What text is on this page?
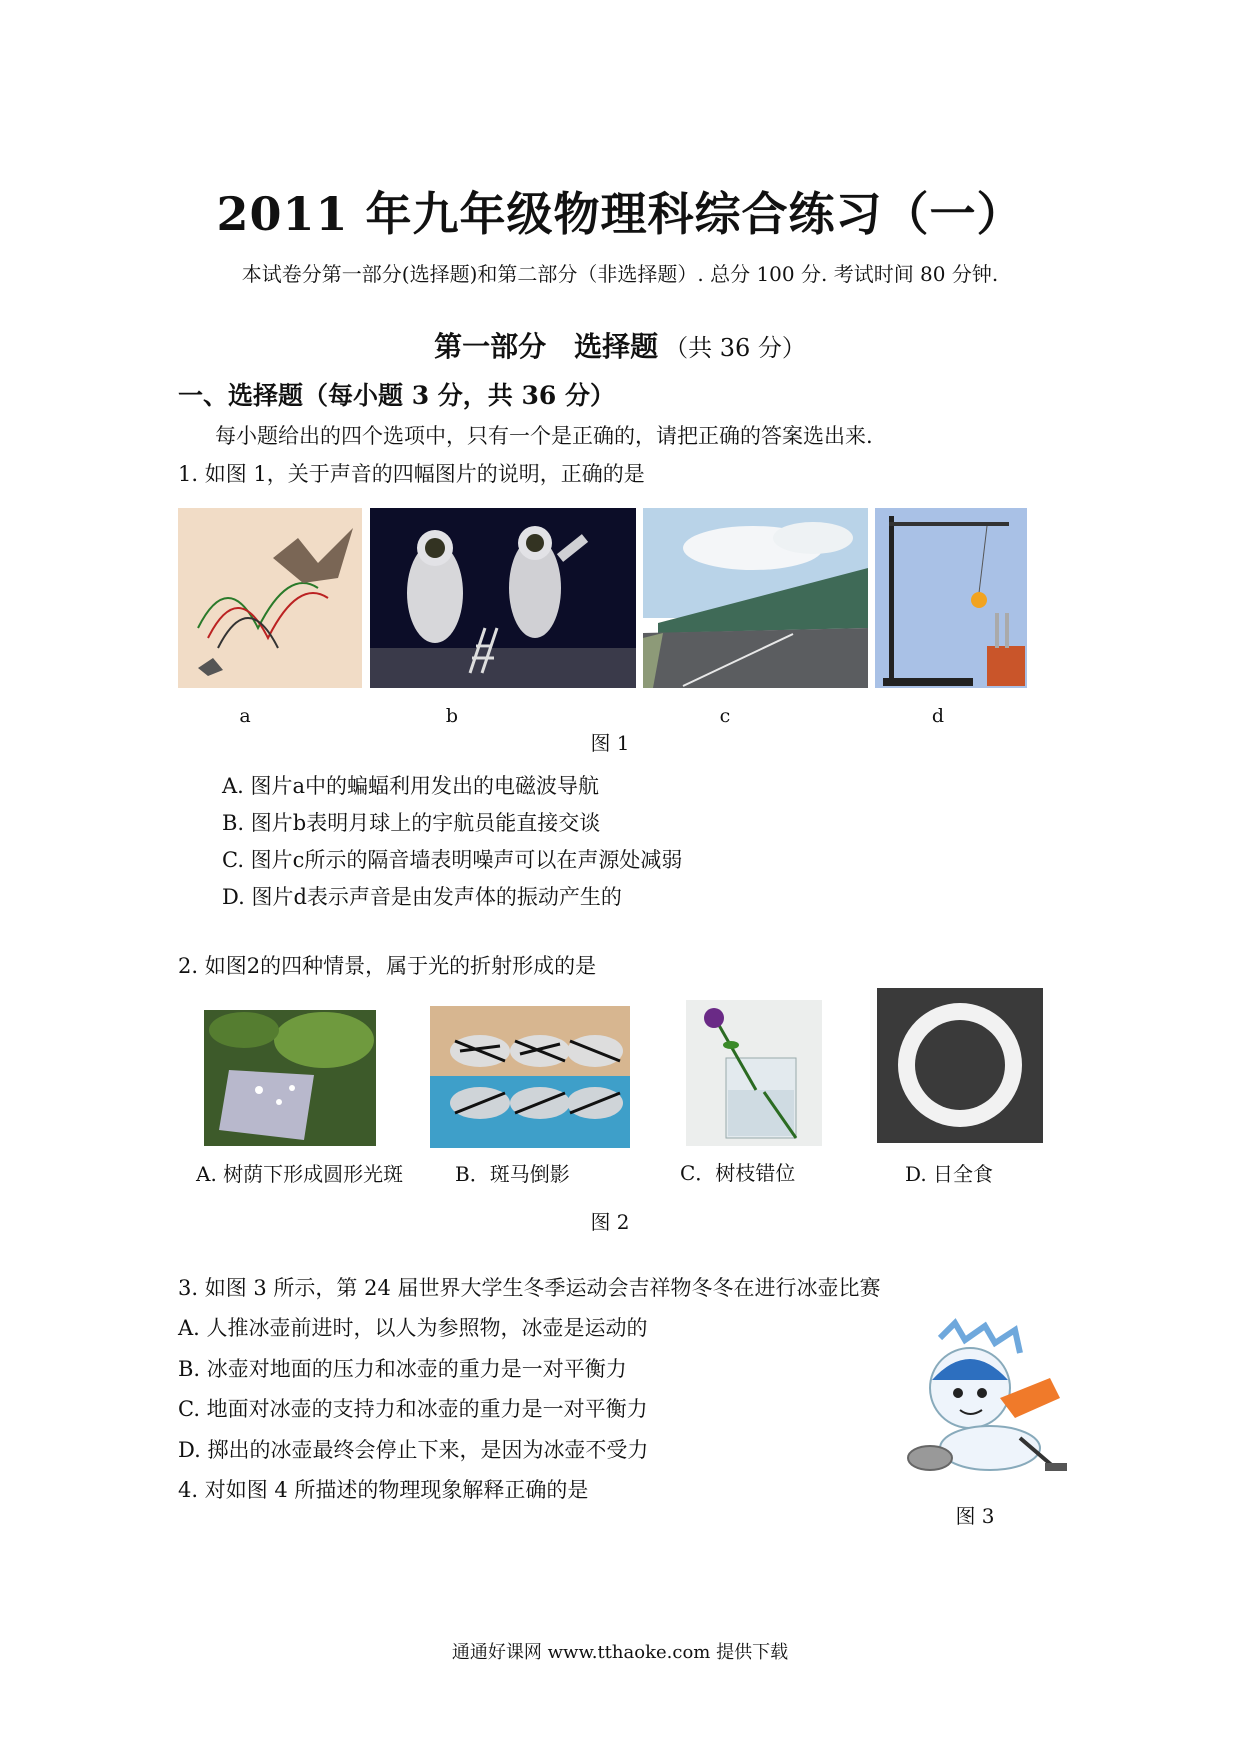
2011 年九年级物理科综合练习（一）
本试卷分第一部分(选择题)和第二部分（非选择题）. 总分 100 分. 考试时间 80 分钟.
第一部分　选择题 （共 36 分）
一、选择题（每小题 3 分，共 36 分）
每小题给出的四个选项中，只有一个是正确的，请把正确的答案选出来.
1. 如图 1，关于声音的四幅图片的说明，正确的是
a	b	c	d
图 1
A. 图片a中的蝙蝠利用发出的电磁波导航
B. 图片b表明月球上的宇航员能直接交谈
C. 图片c所示的隔音墙表明噪声可以在声源处减弱
D. 图片d表示声音是由发声体的振动产生的
2. 如图2的四种情景，属于光的折射形成的是
A. 树荫下形成圆形光斑	B．斑马倒影	C．树枝错位	D. 日全食
图 2
3. 如图 3 所示，第 24 届世界大学生冬季运动会吉祥物冬冬在进行冰壶比赛
A. 人推冰壶前进时，以人为参照物，冰壶是运动的
B. 冰壶对地面的压力和冰壶的重力是一对平衡力
C. 地面对冰壶的支持力和冰壶的重力是一对平衡力
D. 掷出的冰壶最终会停止下来，是因为冰壶不受力
图 3
4. 对如图 4 所描述的物理现象解释正确的是
通通好课网 www.tthaoke.com 提供下载
